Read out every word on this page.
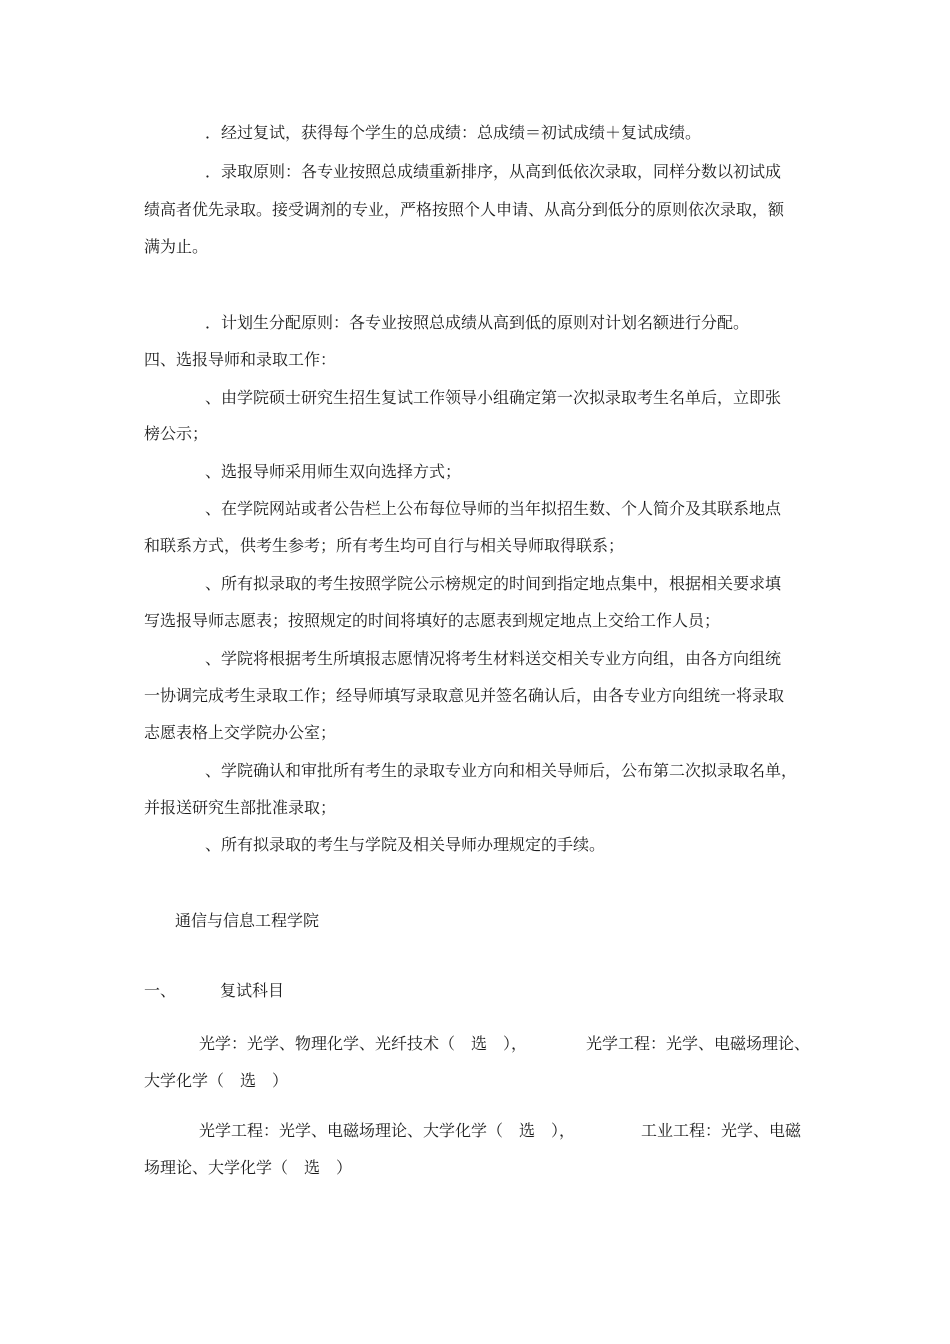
．经过复试，获得每个学生的总成绩：总成绩＝初试成绩＋复试成绩。
．录取原则：各专业按照总成绩重新排序，从高到低依次录取，同样分数以初试成
绩高者优先录取。接受调剂的专业，严格按照个人申请、从高分到低分的原则依次录取，额
满为止。
．计划生分配原则：各专业按照总成绩从高到低的原则对计划名额进行分配。
四、选报导师和录取工作：
、由学院硕士研究生招生复试工作领导小组确定第一次拟录取考生名单后，立即张
榜公示；
、选报导师采用师生双向选择方式；
、在学院网站或者公告栏上公布每位导师的当年拟招生数、个人简介及其联系地点
和联系方式，供考生参考；所有考生均可自行与相关导师取得联系；
、所有拟录取的考生按照学院公示榜规定的时间到指定地点集中，根据相关要求填
写选报导师志愿表；按照规定的时间将填好的志愿表到规定地点上交给工作人员；
、学院将根据考生所填报志愿情况将考生材料送交相关专业方向组，由各方向组统
一协调完成考生录取工作；经导师填写录取意见并签名确认后，由各专业方向组统一将录取
志愿表格上交学院办公室；
、学院确认和审批所有考生的录取专业方向和相关导师后，公布第二次拟录取名单，
并报送研究生部批准录取；
、所有拟录取的考生与学院及相关导师办理规定的手续。
通信与信息工程学院
一、	复试科目
光学：光学、物理化学、光纤技术（　选　），	光学工程：光学、电磁场理论、
大学化学（　选　）
光学工程：光学、电磁场理论、大学化学（　选　），	工业工程：光学、电磁
场理论、大学化学（　选　）
